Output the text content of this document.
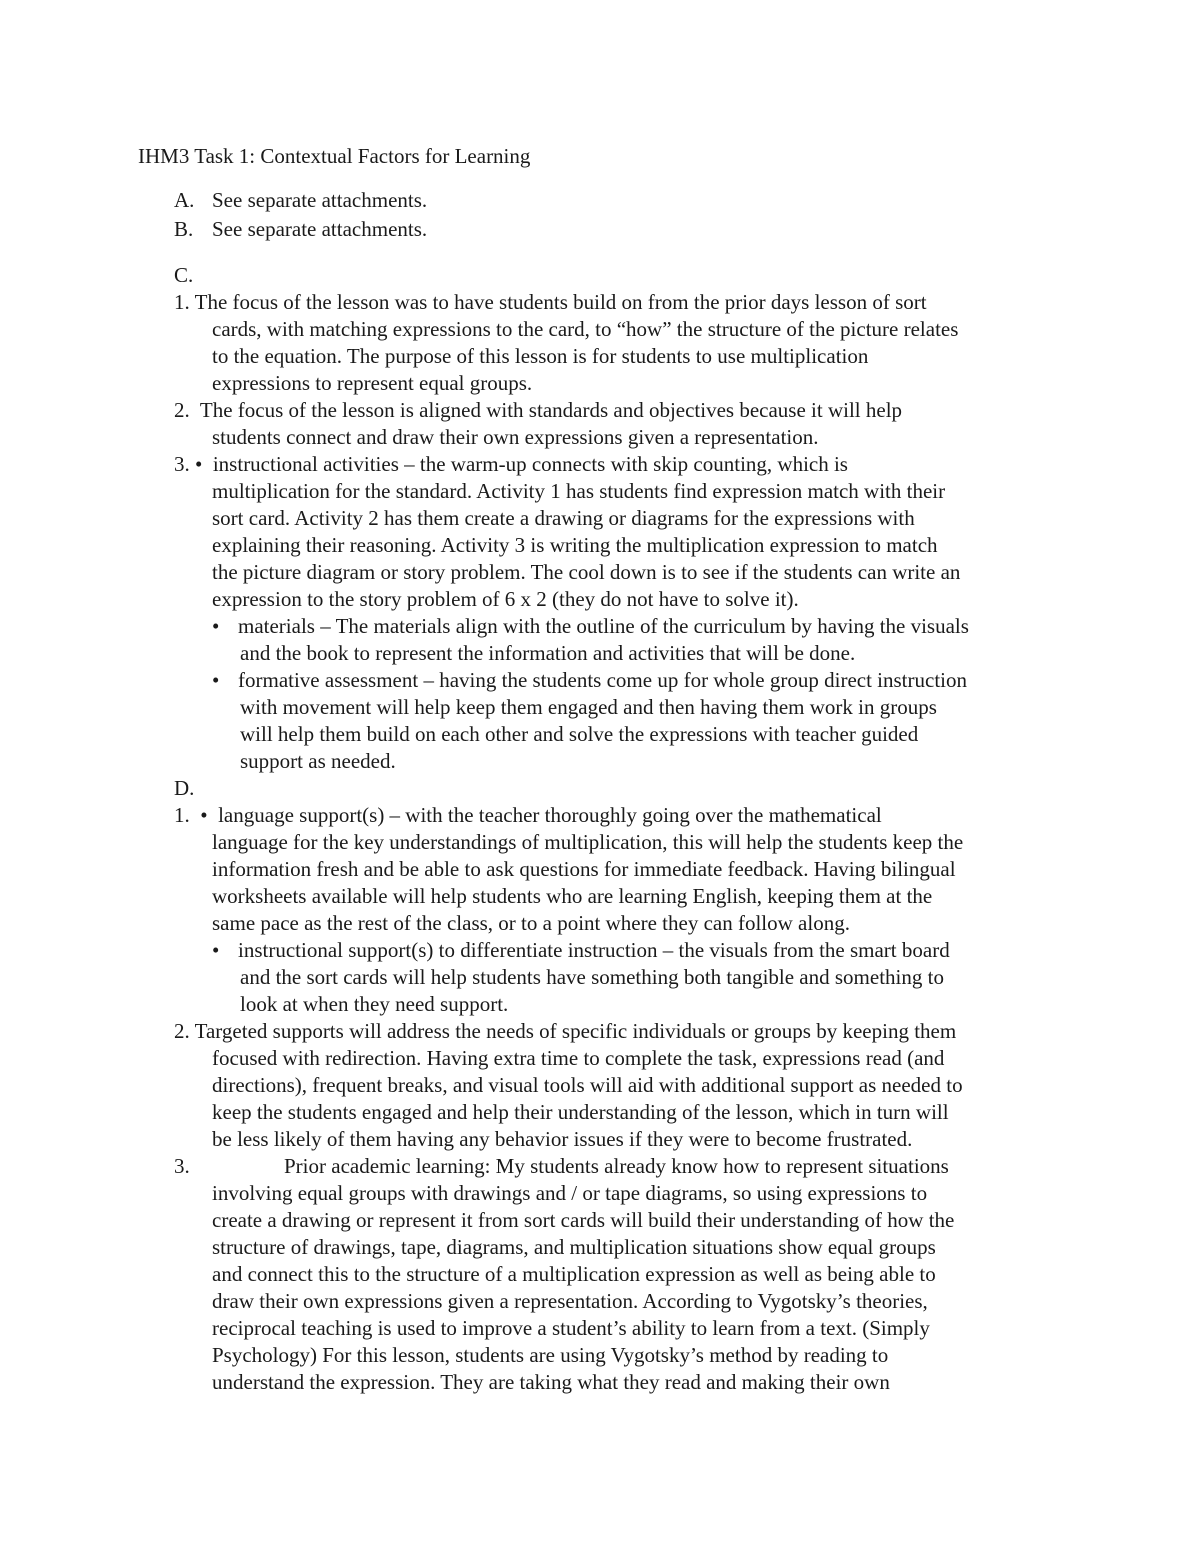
IHM3 Task 1: Contextual Factors for Learning
A. See separate attachments.
B. See separate attachments.
C.
1. The focus of the lesson was to have students build on from the prior days lesson of sort
cards, with matching expressions to the card, to “how” the structure of the picture relates
to the equation. The purpose of this lesson is for students to use multiplication
expressions to represent equal groups.
2.  The focus of the lesson is aligned with standards and objectives because it will help
students connect and draw their own expressions given a representation.
3. •  instructional activities – the warm-up connects with skip counting, which is
multiplication for the standard. Activity 1 has students find expression match with their
sort card. Activity 2 has them create a drawing or diagrams for the expressions with
explaining their reasoning. Activity 3 is writing the multiplication expression to match
the picture diagram or story problem. The cool down is to see if the students can write an
expression to the story problem of 6 x 2 (they do not have to solve it).
• materials – The materials align with the outline of the curriculum by having the visuals
and the book to represent the information and activities that will be done.
• formative assessment – having the students come up for whole group direct instruction
with movement will help keep them engaged and then having them work in groups
will help them build on each other and solve the expressions with teacher guided
support as needed.
D.
1.  •  language support(s) – with the teacher thoroughly going over the mathematical
language for the key understandings of multiplication, this will help the students keep the
information fresh and be able to ask questions for immediate feedback. Having bilingual
worksheets available will help students who are learning English, keeping them at the
same pace as the rest of the class, or to a point where they can follow along.
• instructional support(s) to differentiate instruction – the visuals from the smart board
and the sort cards will help students have something both tangible and something to
look at when they need support.
2. Targeted supports will address the needs of specific individuals or groups by keeping them
focused with redirection. Having extra time to complete the task, expressions read (and
directions), frequent breaks, and visual tools will aid with additional support as needed to
keep the students engaged and help their understanding of the lesson, which in turn will
be less likely of them having any behavior issues if they were to become frustrated.
3.	Prior academic learning: My students already know how to represent situations
involving equal groups with drawings and / or tape diagrams, so using expressions to
create a drawing or represent it from sort cards will build their understanding of how the
structure of drawings, tape, diagrams, and multiplication situations show equal groups
and connect this to the structure of a multiplication expression as well as being able to
draw their own expressions given a representation. According to Vygotsky’s theories,
reciprocal teaching is used to improve a student’s ability to learn from a text. (Simply
Psychology) For this lesson, students are using Vygotsky’s method by reading to
understand the expression. They are taking what they read and making their own
